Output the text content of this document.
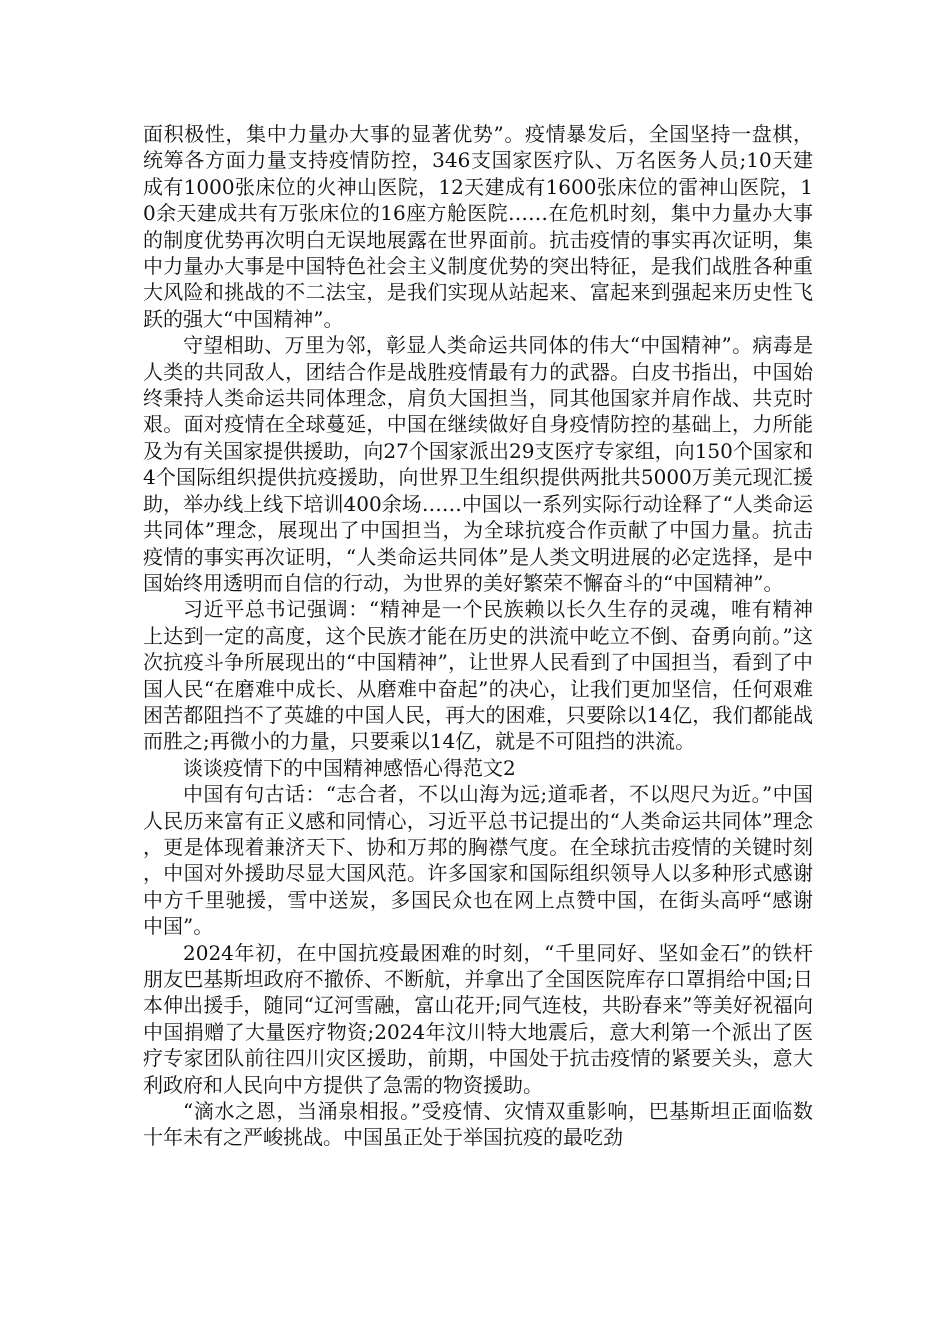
面积极性，集中力量办大事的显著优势”。疫情暴发后，全国坚持一盘棋，统筹各方面力量支持疫情防控，346支国家医疗队、万名医务人员;10天建成有1000张床位的火神山医院，12天建成有1600张床位的雷神山医院，10余天建成共有万张床位的16座方舱医院……在危机时刻，集中力量办大事的制度优势再次明白无误地展露在世界面前。抗击疫情的事实再次证明，集中力量办大事是中国特色社会主义制度优势的突出特征，是我们战胜各种重大风险和挑战的不二法宝，是我们实现从站起来、富起来到强起来历史性飞跃的强大“中国精神”。

守望相助、万里为邻，彰显人类命运共同体的伟大“中国精神”。病毒是人类的共同敌人，团结合作是战胜疫情最有力的武器。白皮书指出，中国始终秉持人类命运共同体理念，肩负大国担当，同其他国家并肩作战、共克时艰。面对疫情在全球蔓延，中国在继续做好自身疫情防控的基础上，力所能及为有关国家提供援助，向27个国家派出29支医疗专家组，向150个国家和4个国际组织提供抗疫援助，向世界卫生组织提供两批共5000万美元现汇援助，举办线上线下培训400余场……中国以一系列实际行动诠释了“人类命运共同体”理念，展现出了中国担当，为全球抗疫合作贡献了中国力量。抗击疫情的事实再次证明，“人类命运共同体”是人类文明进展的必定选择，是中国始终用透明而自信的行动，为世界的美好繁荣不懈奋斗的“中国精神”。

习近平总书记强调：“精神是一个民族赖以长久生存的灵魂，唯有精神上达到一定的高度，这个民族才能在历史的洪流中屹立不倒、奋勇向前。”这次抗疫斗争所展现出的“中国精神”，让世界人民看到了中国担当，看到了中国人民“在磨难中成长、从磨难中奋起”的决心，让我们更加坚信，任何艰难困苦都阻挡不了英雄的中国人民，再大的困难，只要除以14亿，我们都能战而胜之;再微小的力量，只要乘以14亿，就是不可阻挡的洪流。

谈谈疫情下的中国精神感悟心得范文2

中国有句古话：“志合者，不以山海为远;道乖者，不以咫尺为近。”中国人民历来富有正义感和同情心，习近平总书记提出的“人类命运共同体”理念，更是体现着兼济天下、协和万邦的胸襟气度。在全球抗击疫情的关键时刻，中国对外援助尽显大国风范。许多国家和国际组织领导人以多种形式感谢中方千里驰援，雪中送炭，多国民众也在网上点赞中国，在街头高呼“感谢中国”。

2024年初，在中国抗疫最困难的时刻，“千里同好、坚如金石”的铁杆朋友巴基斯坦政府不撤侨、不断航，并拿出了全国医院库存口罩捐给中国;日本伸出援手，随同“辽河雪融，富山花开;同气连枝，共盼春来”等美好祝福向中国捐赠了大量医疗物资;2024年汶川特大地震后，意大利第一个派出了医疗专家团队前往四川灾区援助，前期，中国处于抗击疫情的紧要关头，意大利政府和人民向中方提供了急需的物资援助。

“滴水之恩，当涌泉相报。”受疫情、灾情双重影响，巴基斯坦正面临数十年未有之严峻挑战。中国虽正处于举国抗疫的最吃劲
